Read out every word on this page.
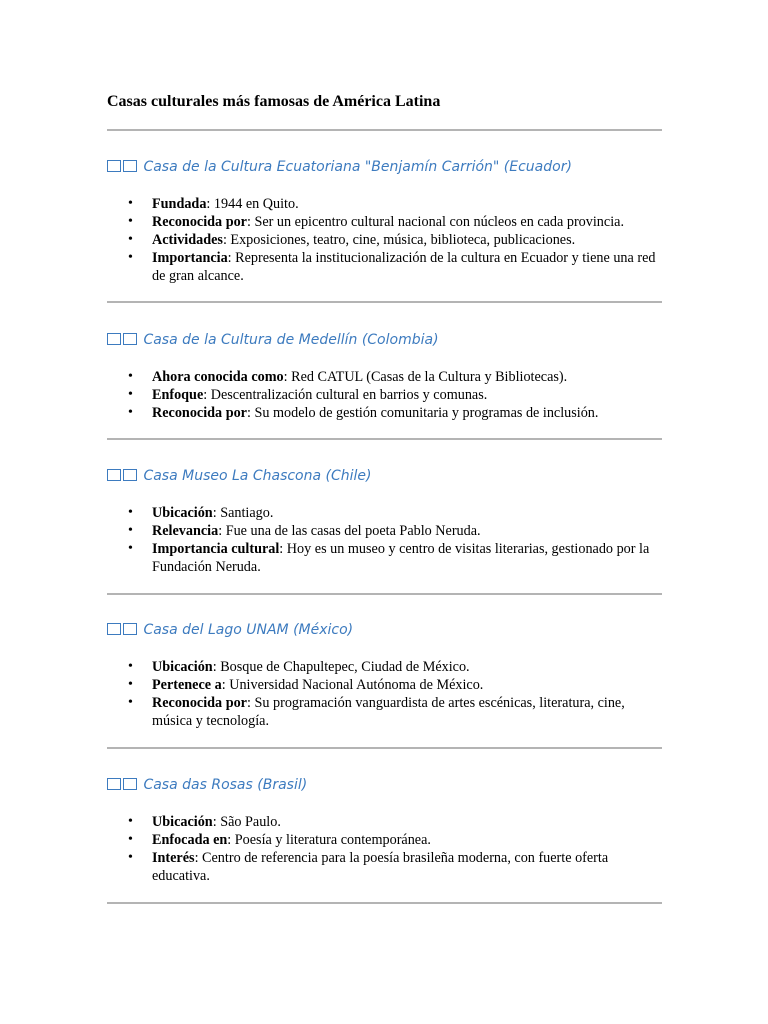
Casas culturales más famosas de América Latina
Casa de la Cultura Ecuatoriana "Benjamín Carrión" (Ecuador)
• Fundada: 1944 en Quito.
• Reconocida por: Ser un epicentro cultural nacional con núcleos en cada provincia.
• Actividades: Exposiciones, teatro, cine, música, biblioteca, publicaciones.
• Importancia: Representa la institucionalización de la cultura en Ecuador y tiene una red de gran alcance.
Casa de la Cultura de Medellín (Colombia)
• Ahora conocida como: Red CATUL (Casas de la Cultura y Bibliotecas).
• Enfoque: Descentralización cultural en barrios y comunas.
• Reconocida por: Su modelo de gestión comunitaria y programas de inclusión.
Casa Museo La Chascona (Chile)
• Ubicación: Santiago.
• Relevancia: Fue una de las casas del poeta Pablo Neruda.
• Importancia cultural: Hoy es un museo y centro de visitas literarias, gestionado por la Fundación Neruda.
Casa del Lago UNAM (México)
• Ubicación: Bosque de Chapultepec, Ciudad de México.
• Pertenece a: Universidad Nacional Autónoma de México.
• Reconocida por: Su programación vanguardista de artes escénicas, literatura, cine, música y tecnología.
Casa das Rosas (Brasil)
• Ubicación: São Paulo.
• Enfocada en: Poesía y literatura contemporánea.
• Interés: Centro de referencia para la poesía brasileña moderna, con fuerte oferta educativa.
